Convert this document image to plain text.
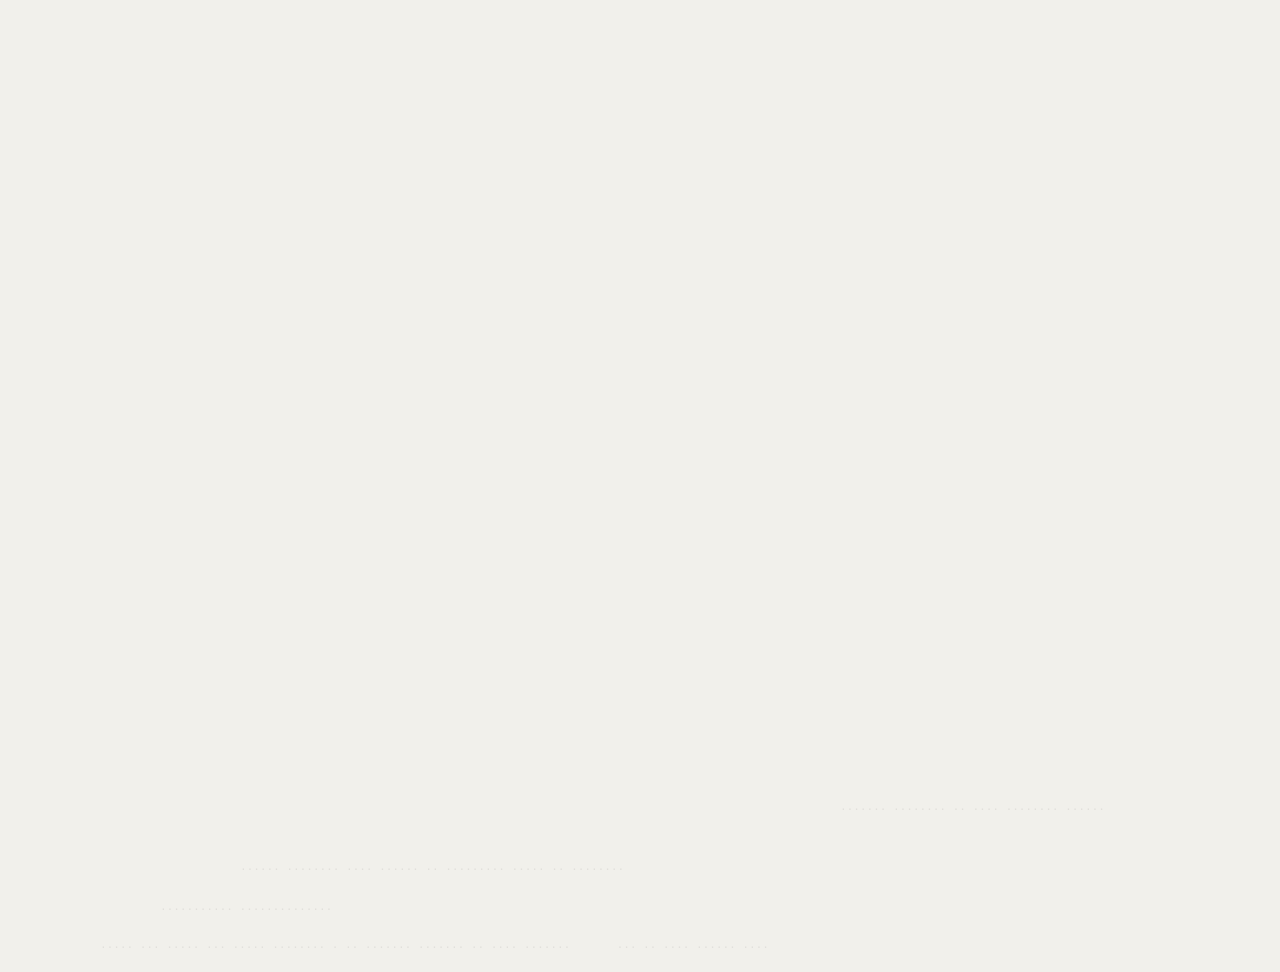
...... ........ .... .. ........ .......
........ .. ..... ......... .. ...... .... ........ ......
.............. ...........
.... ...... .... .. ...       ....... .... .. ....... ....... .. . ........ ..... ... ..... ... .....
